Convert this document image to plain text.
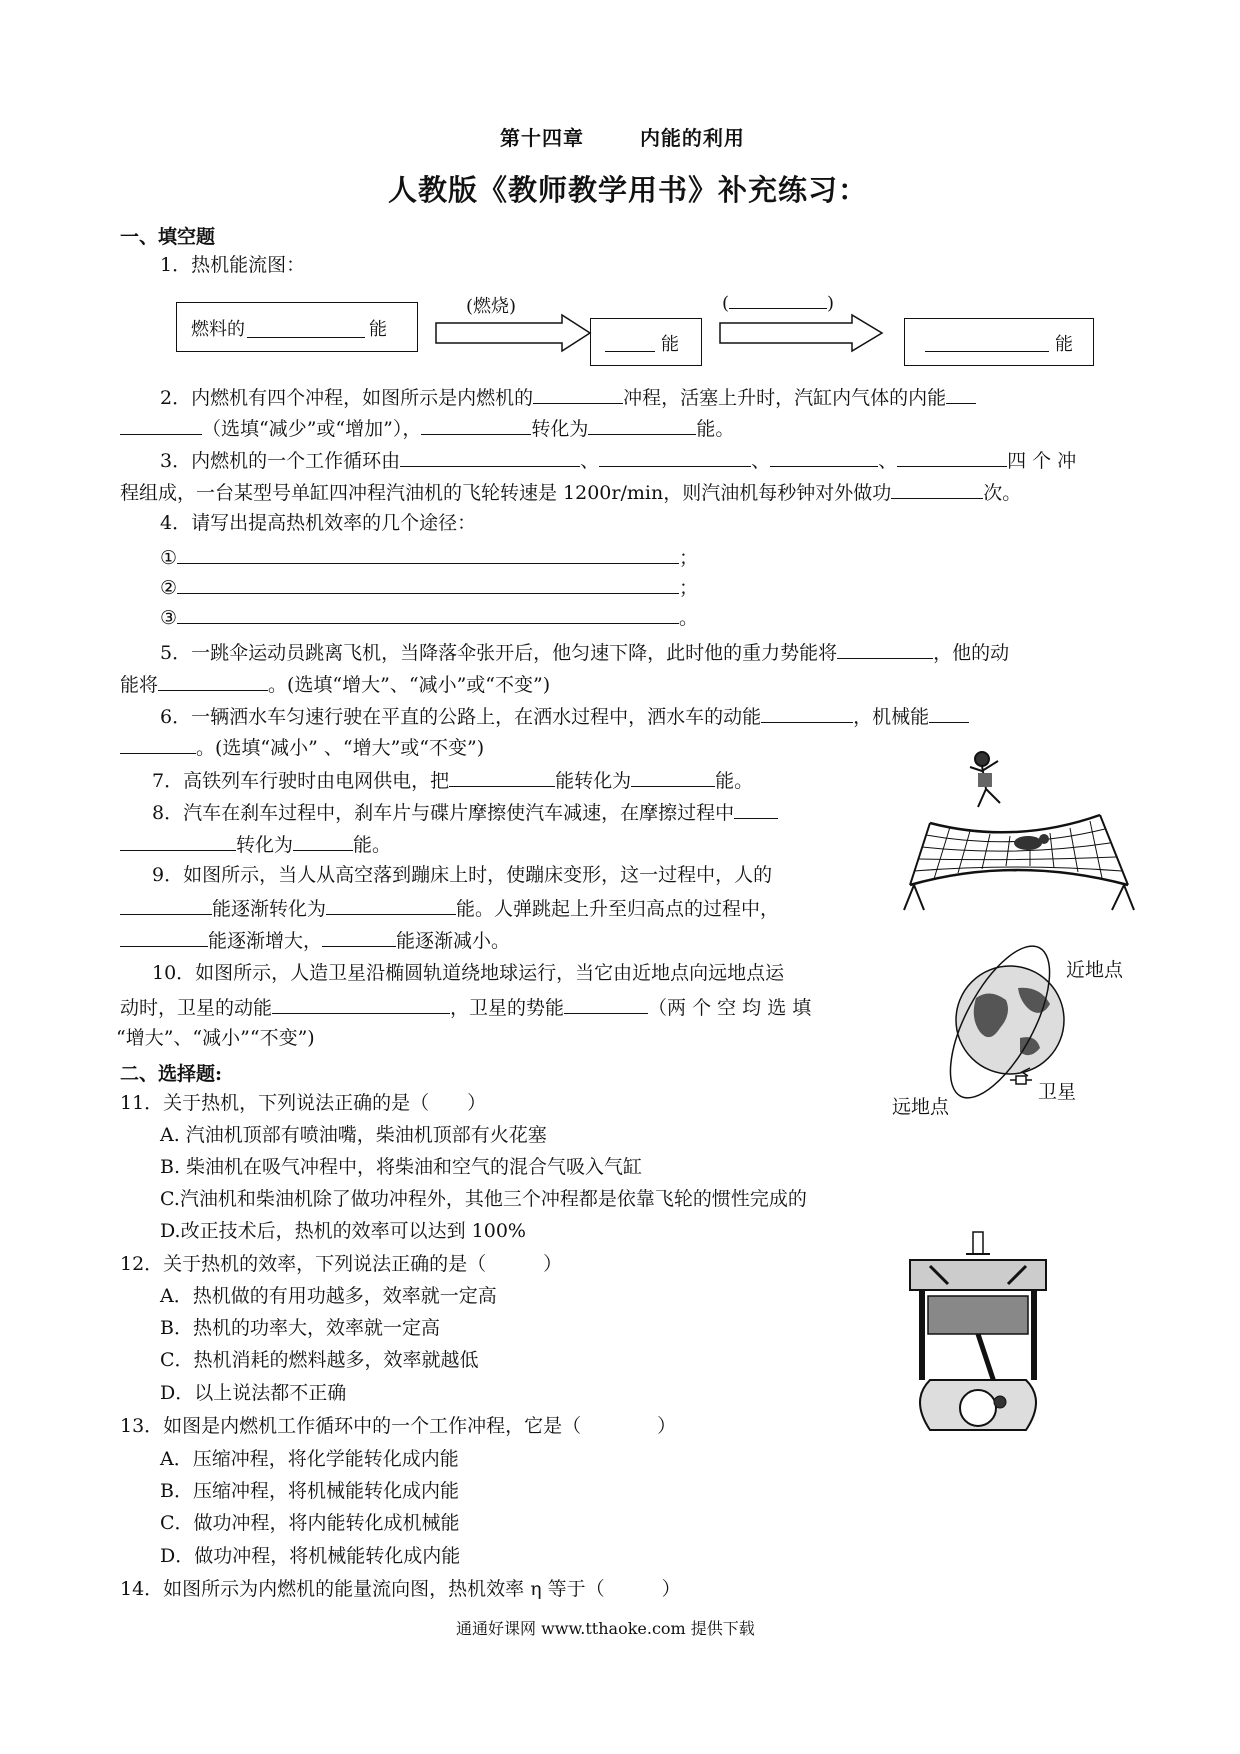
第十四章	内能的利用
人教版《教师教学用书》补充练习：
一、填空题
1．热机能流图：
燃料的	能
(燃烧)
能
(	)
能
2．内燃机有四个冲程，如图所示是内燃机的	冲程，活塞上升时，汽缸内气体的内能
（选填“减少”或“增加”），	转化为	能。
3．内燃机的一个工作循环由	、	、	、	四 个 冲
程组成，一台某型号单缸四冲程汽油机的飞轮转速是 1200r/min，则汽油机每秒钟对外做功	次。
4．请写出提高热机效率的几个途径：
①	；
②	；
③	。
5．一跳伞运动员跳离飞机，当降落伞张开后，他匀速下降，此时他的重力势能将	，他的动
能将	。(选填“增大”、“减小”或“不变”)
6．一辆洒水车匀速行驶在平直的公路上，在洒水过程中，洒水车的动能	，机械能
。(选填“减小” 、“增大”或“不变”)
7．高铁列车行驶时由电网供电，把	能转化为	能。
8．汽车在刹车过程中，刹车片与碟片摩擦使汽车减速，在摩擦过程中
转化为	能。
9．如图所示，当人从高空落到蹦床上时，使蹦床变形，这一过程中，人的
能逐渐转化为	能。人弹跳起上升至归高点的过程中，
能逐渐增大，	能逐渐减小。
10．如图所示，人造卫星沿椭圆轨道绕地球运行，当它由近地点向远地点运
动时，卫星的动能	，卫星的势能	（两 个 空 均 选 填
“增大”、“减小”“不变”)
近地点
远地点
卫星
二、选择题:
11．关于热机，下列说法正确的是（　　）
A. 汽油机顶部有喷油嘴，柴油机顶部有火花塞
B. 柴油机在吸气冲程中，将柴油和空气的混合气吸入气缸
C.汽油机和柴油机除了做功冲程外，其他三个冲程都是依靠飞轮的惯性完成的
D.改正技术后，热机的效率可以达到 100%
12．关于热机的效率，下列说法正确的是（　　　）
A．热机做的有用功越多，效率就一定高
B．热机的功率大，效率就一定高
C．热机消耗的燃料越多，效率就越低
D．以上说法都不正确
13．如图是内燃机工作循环中的一个工作冲程，它是（　　　　）
A．压缩冲程，将化学能转化成内能
B．压缩冲程，将机械能转化成内能
C．做功冲程，将内能转化成机械能
D．做功冲程，将机械能转化成内能
14．如图所示为内燃机的能量流向图，热机效率 η 等于（　　　）
通通好课网 www.tthaoke.com 提供下载
